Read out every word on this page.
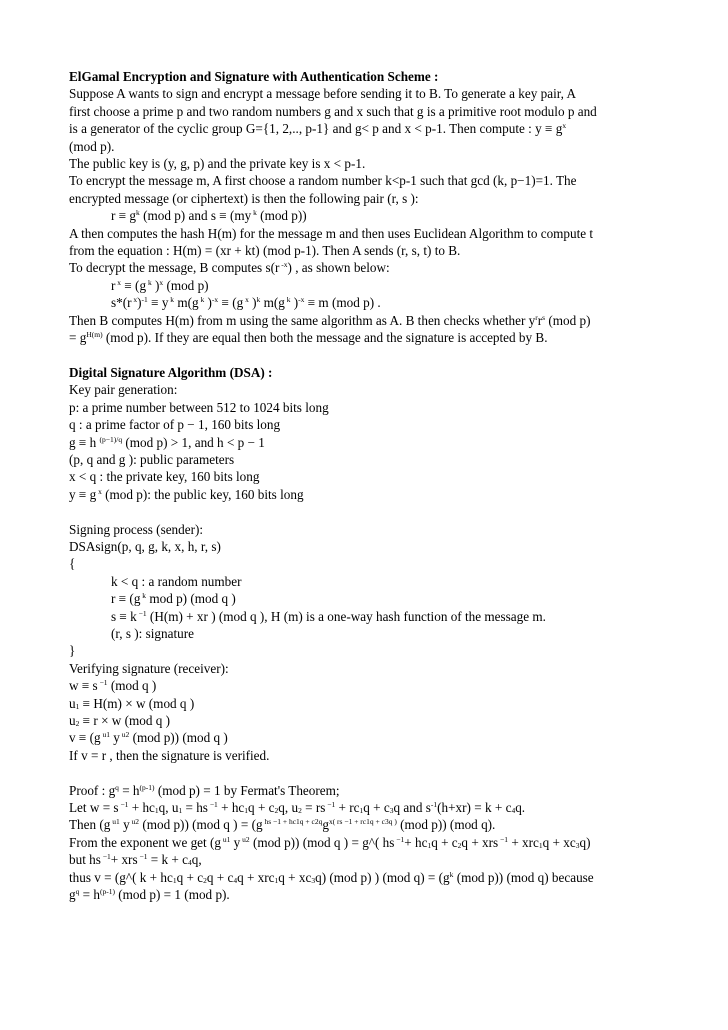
ElGamal Encryption and Signature with Authentication Scheme :
Suppose A wants to sign and encrypt a message before sending it to B. To generate a key pair, A
first choose a prime p and two random numbers g and x such that g is a primitive root modulo p and
is a generator of the cyclic group G={1, 2,.., p-1} and g< p and x < p-1. Then compute : $y \equiv g^x$
(mod p).
The public key is (y, g, p) and the private key is x < p-1.
To encrypt the message m, A first choose a random number k<p-1 such that gcd (k, p−1)=1. The
encrypted message (or ciphertext) is then the following pair (r, s ):
$r \equiv g^k$ (mod p) and s ≡ (my $^k$ (mod p))
A then computes the hash H(m) for the message m and then uses Euclidean Algorithm to compute t
from the equation : H(m) = (xr + kt) (mod p-1). Then A sends (r, s, t) to B.
To decrypt the message, B computes s(r $^{-x}$) , as shown below:
r $^x$ ≡ (g $^k$ )$^x$ (mod p)
s*(r $^x$)$^{-1}$ ≡ y $^k$ m(g $^k$ )$^{-x}$ ≡ (g $^x$ )$^k$ m(g $^k$ )$^{-x}$ ≡ m (mod p) .
Then B computes H(m) from m using the same algorithm as A. B then checks whether $y^rr^s$ (mod p)
= $g^{H(m)}$ (mod p). If they are equal then both the message and the signature is accepted by B.
Digital Signature Algorithm (DSA) :
Key pair generation:
p: a prime number between 512 to 1024 bits long
q : a prime factor of p − 1, 160 bits long
g ≡ h $^{(p-1)/q}$ (mod p) > 1, and h < p − 1
(p, q and g ): public parameters
x < q : the private key, 160 bits long
y ≡ g $^x$ (mod p): the public key, 160 bits long
Signing process (sender):
DSAsign(p, q, g, k, x, h, r, s)
{
k < q : a random number
r ≡ (g $^k$ mod p) (mod q )
s ≡ k $^{-1}$ (H(m) + xr ) (mod q ), H (m) is a one-way hash function of the message m.
(r, s ): signature
}
Verifying signature (receiver):
w ≡ s $^{-1}$ (mod q )
$u_1 \equiv H(m) \times w$ (mod q )
$u_2 \equiv r \times w$ (mod q )
v ≡ (g $^{u1}$ y $^{u2}$ (mod p)) (mod q )
If v = r , then the signature is verified.
Proof : $g^q = h^{(p-1)}$ (mod p) = 1 by Fermat's Theorem;
Let w = s $^{-1} + hc_1q$, $u_1$ = hs $^{-1} + hc_1q + c_2q$, $u_2$ = rs $^{-1} + rc_1q + c_3q$ and $s^{-1}(h+xr) = k + c_4q$.
Then (g $^{u1}$ y $^{u2}$ (mod p)) (mod q ) = (g $^{hs -1 + hc1q + c2q}g^{x( rs -1 + rc1q + c3q )}$ (mod p)) (mod q).
From the exponent we get (g $^{u1}$ y $^{u2}$ (mod p)) (mod q ) = g^( hs $^{-1}+ hc_1q + c_2q$ + xrs $^{-1} + xrc_1q + xc_3q$)
but hs $^{-1}$+ xrs $^{-1} = k + c_4q$,
thus v = (g^( $k + hc_1q + c_2q + c_4q + xrc_1q + xc_3q$) (mod p) ) (mod $q) = (g^k$ (mod p)) (mod q) because
$g^q = h^{(p-1)}$ (mod p) = 1 (mod p).
